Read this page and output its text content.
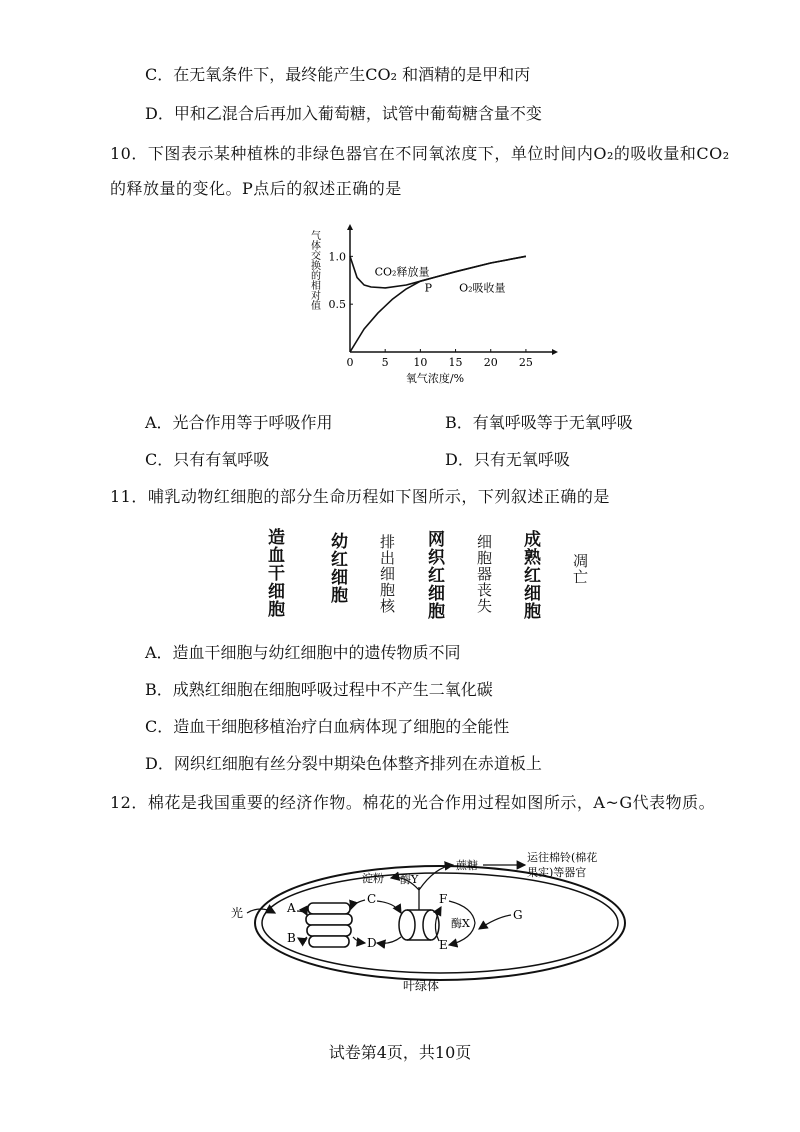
C．在无氧条件下，最终能产生CO₂ 和酒精的是甲和丙
D．甲和乙混合后再加入葡萄糖，试管中葡萄糖含量不变
10．下图表示某种植株的非绿色器官在不同氧浓度下，单位时间内O₂的吸收量和CO₂
的释放量的变化。P点后的叙述正确的是
0	5 10 15 20 25
0.5
1.0
氧气浓度/%
气体交换的相对值	CO₂释放量
O₂吸收量
P
A．光合作用等于呼吸作用	B．有氧呼吸等于无氧呼吸
C．只有有氧呼吸	D．只有无氧呼吸
11．哺乳动物红细胞的部分生命历程如下图所示，下列叙述正确的是
造血干细胞	幼红细胞 排出细胞核 网织红细胞 细胞器丧失 成熟红细胞 凋亡
A．造血干细胞与幼红细胞中的遗传物质不同
B．成熟红细胞在细胞呼吸过程中不产生二氧化碳
C．造血干细胞移植治疗白血病体现了细胞的全能性
D．网织红细胞有丝分裂中期染色体整齐排列在赤道板上
12．棉花是我国重要的经济作物。棉花的光合作用过程如图所示，A~G代表物质。
光	A
B
C
D
淀粉 酶Y
蔗糖
运往棉铃(棉花
果实)等器官
F
E
酶X
G
叶绿体
试卷第4页，共10页
